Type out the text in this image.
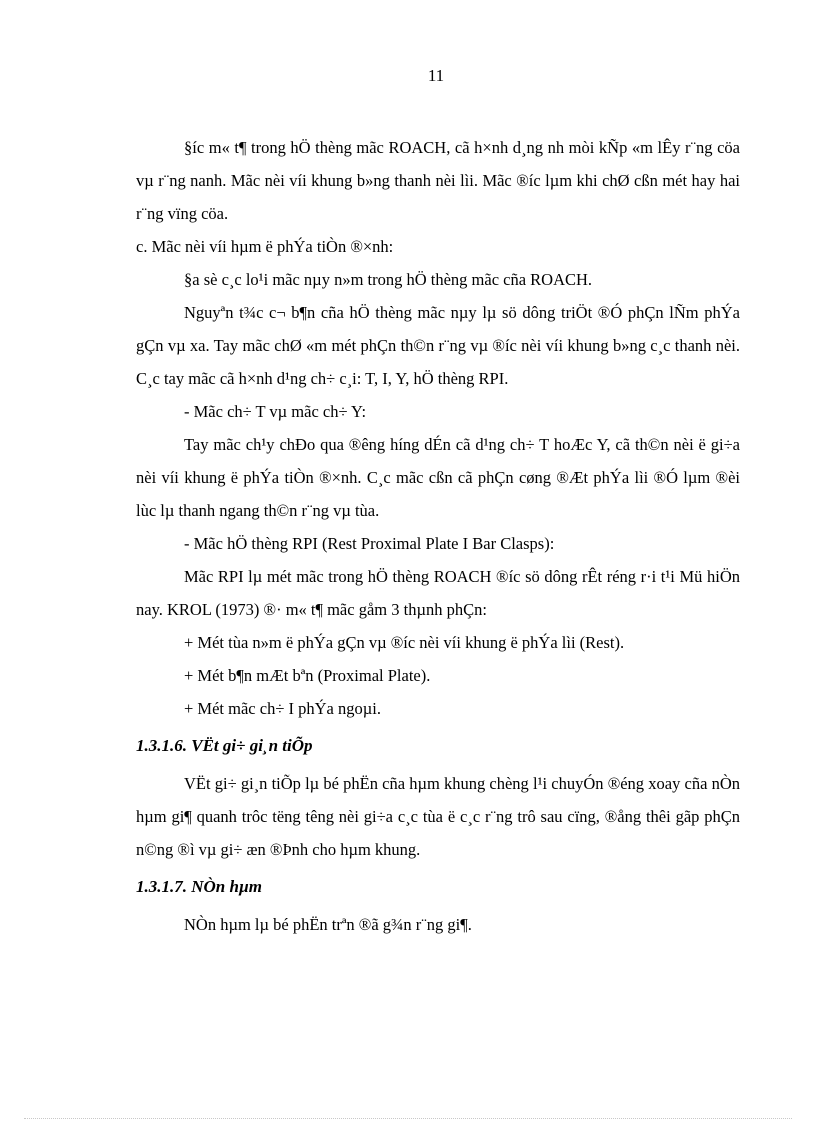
11

§íc m« t¶ trong hÖ thèng mãc ROACH, cã h×nh d¸ng nh mòi kÑp «m lÊy r¨ng cöa vµ r¨ng nanh. Mãc nèi víi khung b»ng thanh nèi lìi. Mãc ®íc lµm khi chØ cßn mét hay hai r¨ng vïng cöa.

c. Mãc nèi víi hµm ë phÝa tiÒn ®×nh:

§a sè c¸c lo¹i mãc nµy n»m trong hÖ thèng mãc cña ROACH.

Nguyªn t¾c c¬ b¶n cña hÖ thèng mãc nµy lµ sö dông triÖt ®Ó phÇn lÑm phÝa gÇn vµ xa. Tay mãc chØ «m mét phÇn th©n r¨ng vµ ®íc nèi víi khung b»ng c¸c thanh nèi. C¸c tay mãc cã h×nh d¹ng ch÷ c¸i: T, I, Y, hÖ thèng RPI.

- Mãc ch÷ T vµ mãc ch÷ Y:

Tay mãc ch¹y chÐo qua ®êng híng dÉn cã d¹ng ch÷ T hoÆc Y, cã th©n nèi ë gi÷a nèi víi khung ë phÝa tiÒn ®×nh. C¸c mãc cßn cã phÇn cøng ®Æt phÝa lìi ®Ó lµm ®èi lùc lµ thanh ngang th©n r¨ng vµ tùa.

- Mãc hÖ thèng RPI (Rest Proximal Plate I Bar Clasps):

Mãc RPI lµ mét mãc trong hÖ thèng ROACH ®íc sö dông rÊt réng r·i t¹i Mü hiÖn nay. KROL (1973) ®· m« t¶ mãc gåm 3 thµnh phÇn:

+ Mét tùa n»m ë phÝa gÇn vµ ®íc nèi víi khung ë phÝa lìi (Rest).

+ Mét b¶n mÆt bªn (Proximal Plate).

+ Mét mãc ch÷ I phÝa ngoµi.

1.3.1.6. VËt gi÷ gi¸n tiÕp

VËt gi÷ gi¸n tiÕp lµ bé phËn cña hµm khung chèng l¹i chuyÓn ®éng xoay cña nÒn hµm gi¶ quanh trôc tëng têng nèi gi÷a c¸c tùa ë c¸c r¨ng trô sau cïng, ®ång thêi gãp phÇn n©ng ®ì vµ gi÷ æn ®Þnh cho hµm khung.

1.3.1.7. NÒn hµm

NÒn hµm lµ bé phËn trªn ®ã g¾n r¨ng gi¶.
